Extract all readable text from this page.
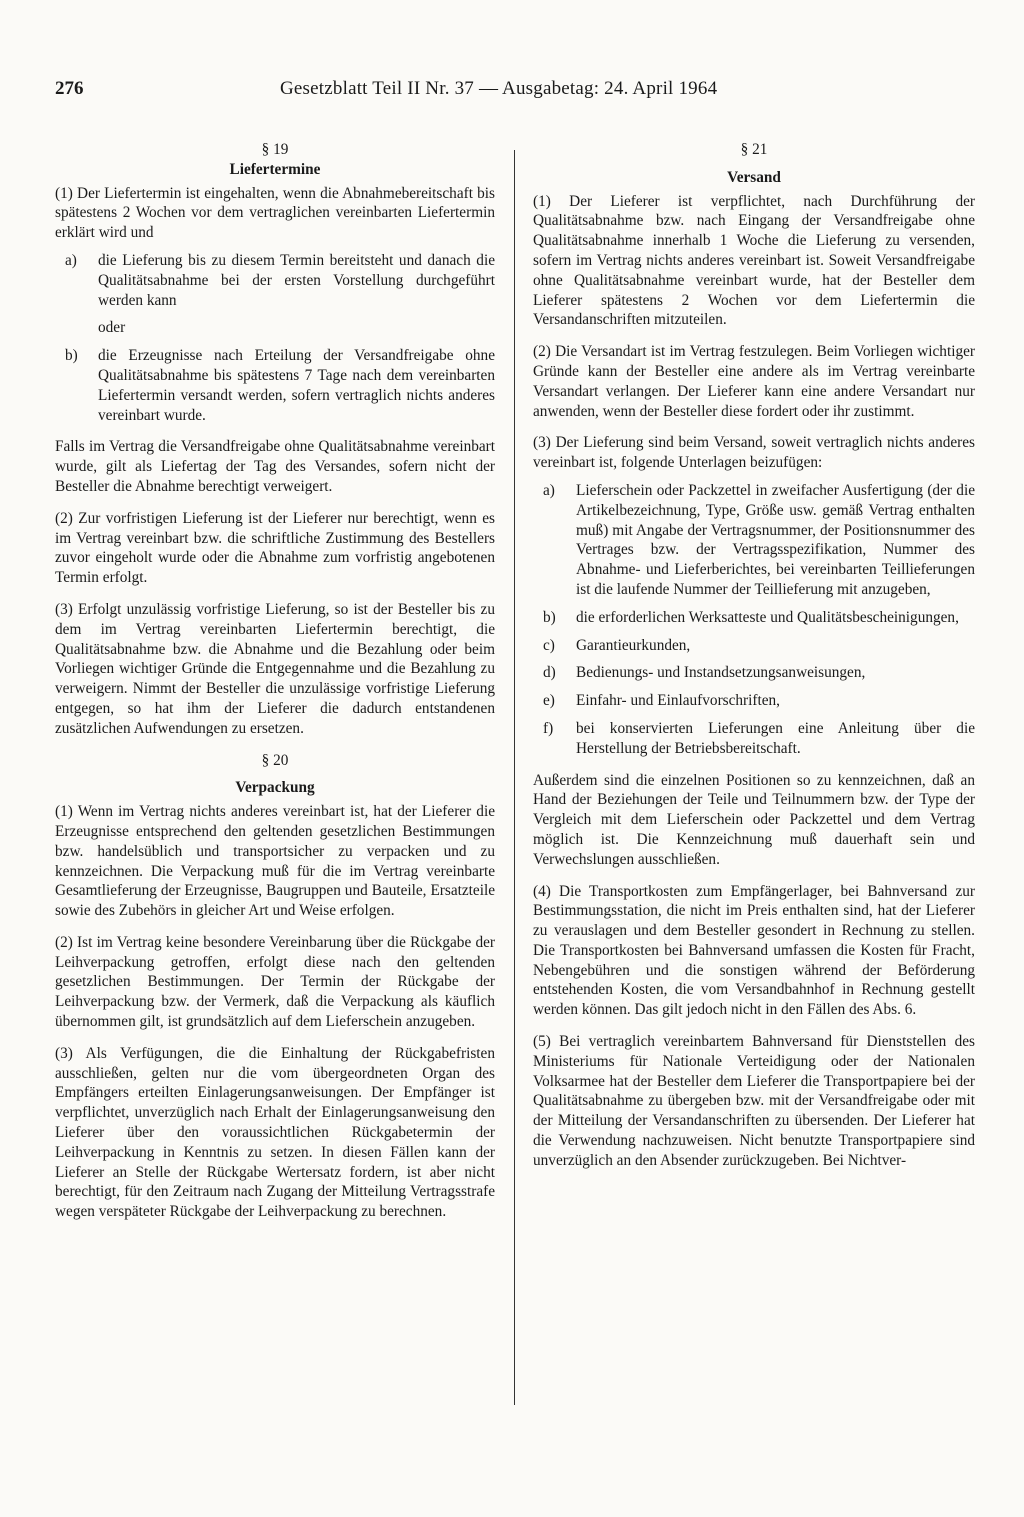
276	Gesetzblatt Teil II Nr. 37 — Ausgabetag: 24. April 1964

§ 19

Liefertermine

(1) Der Liefertermin ist eingehalten, wenn die Abnahmebereitschaft bis spätestens 2 Wochen vor dem vertraglichen vereinbarten Liefertermin erklärt wird und

a)	die Lieferung bis zu diesem Termin bereitsteht und danach die Qualitätsabnahme bei der ersten Vorstellung durchgeführt werden kann

oder

b)	die Erzeugnisse nach Erteilung der Versandfreigabe ohne Qualitätsabnahme bis spätestens 7 Tage nach dem vereinbarten Liefertermin versandt werden, sofern vertraglich nichts anderes vereinbart wurde.

Falls im Vertrag die Versandfreigabe ohne Qualitätsabnahme vereinbart wurde, gilt als Liefertag der Tag des Versandes, sofern nicht der Besteller die Abnahme berechtigt verweigert.

(2) Zur vorfristigen Lieferung ist der Lieferer nur berechtigt, wenn es im Vertrag vereinbart bzw. die schriftliche Zustimmung des Bestellers zuvor eingeholt wurde oder die Abnahme zum vorfristig angebotenen Termin erfolgt.

(3) Erfolgt unzulässig vorfristige Lieferung, so ist der Besteller bis zu dem im Vertrag vereinbarten Liefertermin berechtigt, die Qualitätsabnahme bzw. die Abnahme und die Bezahlung oder beim Vorliegen wichtiger Gründe die Entgegennahme und die Bezahlung zu verweigern. Nimmt der Besteller die unzulässige vorfristige Lieferung entgegen, so hat ihm der Lieferer die dadurch entstandenen zusätzlichen Aufwendungen zu ersetzen.

§ 20

Verpackung

(1) Wenn im Vertrag nichts anderes vereinbart ist, hat der Lieferer die Erzeugnisse entsprechend den geltenden gesetzlichen Bestimmungen bzw. handelsüblich und transportsicher zu verpacken und zu kennzeichnen. Die Verpackung muß für die im Vertrag vereinbarte Gesamtlieferung der Erzeugnisse, Baugruppen und Bauteile, Ersatzteile sowie des Zubehörs in gleicher Art und Weise erfolgen.

(2) Ist im Vertrag keine besondere Vereinbarung über die Rückgabe der Leihverpackung getroffen, erfolgt diese nach den geltenden gesetzlichen Bestimmungen. Der Termin der Rückgabe der Leihverpackung bzw. der Vermerk, daß die Verpackung als käuflich übernommen gilt, ist grundsätzlich auf dem Lieferschein anzugeben.

(3) Als Verfügungen, die die Einhaltung der Rückgabefristen ausschließen, gelten nur die vom übergeordneten Organ des Empfängers erteilten Einlagerungsanweisungen. Der Empfänger ist verpflichtet, unverzüglich nach Erhalt der Einlagerungsanweisung den Lieferer über den voraussichtlichen Rückgabetermin der Leihverpackung in Kenntnis zu setzen. In diesen Fällen kann der Lieferer an Stelle der Rückgabe Wertersatz fordern, ist aber nicht berechtigt, für den Zeitraum nach Zugang der Mitteilung Vertragsstrafe wegen verspäteter Rückgabe der Leihverpackung zu berechnen.

§ 21

Versand

(1) Der Lieferer ist verpflichtet, nach Durchführung der Qualitätsabnahme bzw. nach Eingang der Versandfreigabe ohne Qualitätsabnahme innerhalb 1 Woche die Lieferung zu versenden, sofern im Vertrag nichts anderes vereinbart ist. Soweit Versandfreigabe ohne Qualitätsabnahme vereinbart wurde, hat der Besteller dem Lieferer spätestens 2 Wochen vor dem Liefertermin die Versandanschriften mitzuteilen.

(2) Die Versandart ist im Vertrag festzulegen. Beim Vorliegen wichtiger Gründe kann der Besteller eine andere als im Vertrag vereinbarte Versandart verlangen. Der Lieferer kann eine andere Versandart nur anwenden, wenn der Besteller diese fordert oder ihr zustimmt.

(3) Der Lieferung sind beim Versand, soweit vertraglich nichts anderes vereinbart ist, folgende Unterlagen beizufügen:

a)	Lieferschein oder Packzettel in zweifacher Ausfertigung (der die Artikelbezeichnung, Type, Größe usw. gemäß Vertrag enthalten muß) mit Angabe der Vertragsnummer, der Positionsnummer des Vertrages bzw. der Vertragsspezifikation, Nummer des Abnahme- und Lieferberichtes, bei vereinbarten Teillieferungen ist die laufende Nummer der Teillieferung mit anzugeben,
b)	die erforderlichen Werksatteste und Qualitätsbescheinigungen,
c)	Garantieurkunden,
d)	Bedienungs- und Instandsetzungsanweisungen,
e)	Einfahr- und Einlaufvorschriften,
f)	bei konservierten Lieferungen eine Anleitung über die Herstellung der Betriebsbereitschaft.

Außerdem sind die einzelnen Positionen so zu kennzeichnen, daß an Hand der Beziehungen der Teile und Teilnummern bzw. der Type der Vergleich mit dem Lieferschein oder Packzettel und dem Vertrag möglich ist. Die Kennzeichnung muß dauerhaft sein und Verwechslungen ausschließen.

(4) Die Transportkosten zum Empfängerlager, bei Bahnversand zur Bestimmungsstation, die nicht im Preis enthalten sind, hat der Lieferer zu verauslagen und dem Besteller gesondert in Rechnung zu stellen. Die Transportkosten bei Bahnversand umfassen die Kosten für Fracht, Nebengebühren und die sonstigen während der Beförderung entstehenden Kosten, die vom Versandbahnhof in Rechnung gestellt werden können. Das gilt jedoch nicht in den Fällen des Abs. 6.

(5) Bei vertraglich vereinbartem Bahnversand für Dienststellen des Ministeriums für Nationale Verteidigung oder der Nationalen Volksarmee hat der Besteller dem Lieferer die Transportpapiere bei der Qualitätsabnahme zu übergeben bzw. mit der Versandfreigabe oder mit der Mitteilung der Versandanschriften zu übersenden. Der Lieferer hat die Verwendung nachzuweisen. Nicht benutzte Transportpapiere sind unverzüglich an den Absender zurückzugeben. Bei Nichtver-
